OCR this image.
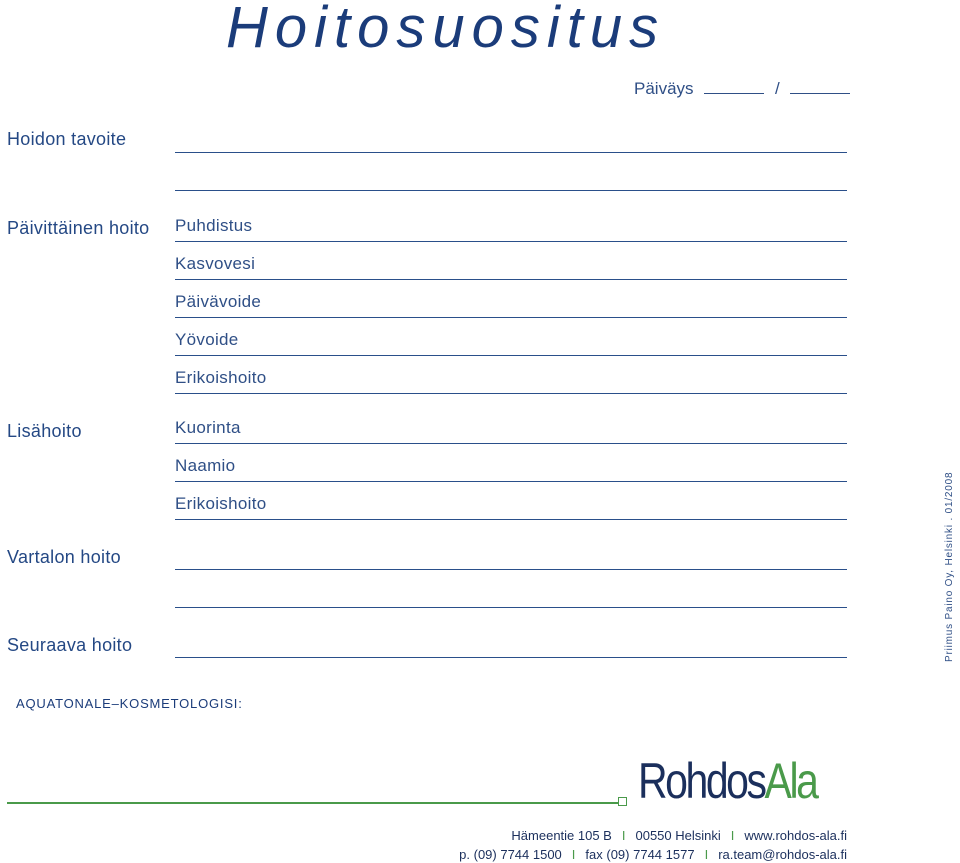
Hoitosuositus
Päiväys	/
Hoidon tavoite
Päivittäinen hoito
Lisähoito
Vartalon hoito
Seuraava hoito
Puhdistus
Kasvovesi
Päivävoide
Yövoide
Erikoishoito
Kuorinta
Naamio
Erikoishoito	Priimus Paino Oy, Helsinki . 01/2008
AQUATONALE–KOSMETOLOGISI:
RohdosAla
Hämeentie 105 B I 00550 Helsinki I www.rohdos-ala.fi
p. (09) 7744 1500 I fax (09) 7744 1577 I ra.team@rohdos-ala.fi
